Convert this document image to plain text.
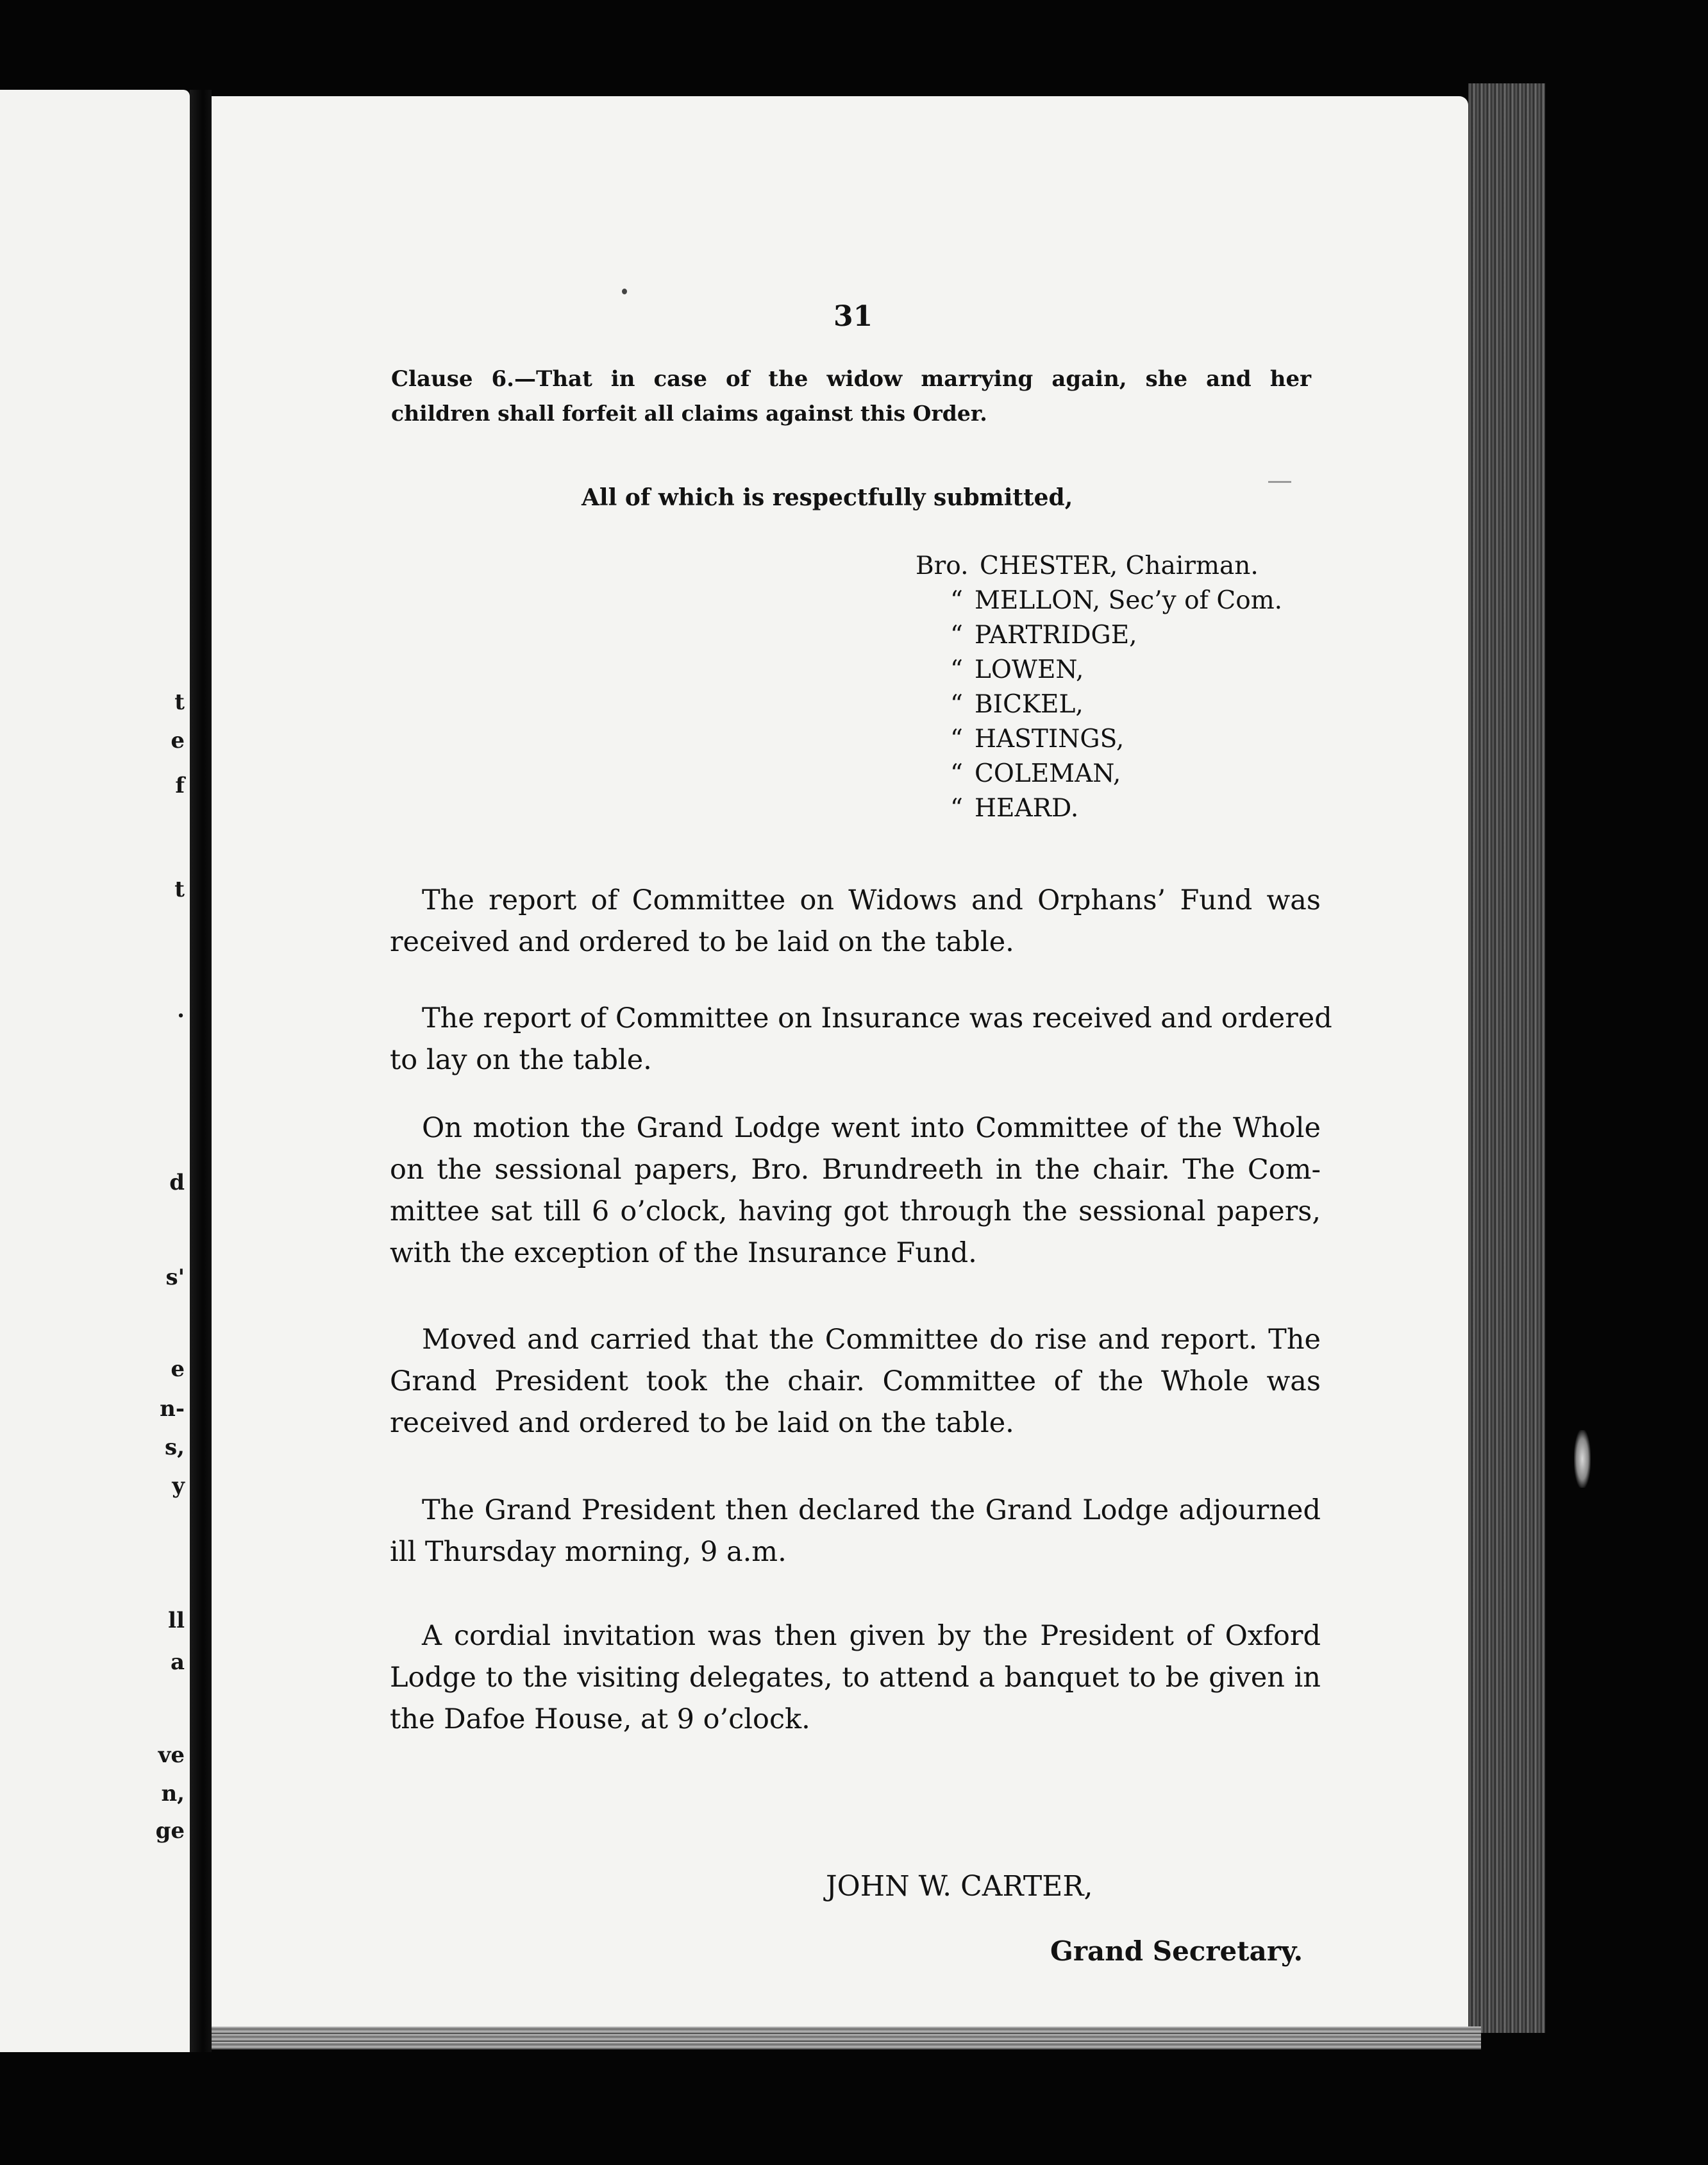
t
e
f
t
.
d
s'
e
n-
s,
y
ll
a
ve
n,
ge
31
Clause 6.—That in case of the widow marrying again, she and her
children shall forfeit all claims against this Order.
All of which is respectfully submitted,
Bro. CHESTER, Chairman.
“ MELLON, Sec’y of Com.
“ PARTRIDGE,
“ LOWEN,
“ BICKEL,
“ HASTINGS,
“ COLEMAN,
“ HEARD.
The report of Committee on Widows and Orphans’ Fund was
received and ordered to be laid on the table.
The report of Committee on Insurance was received and ordered
to lay on the table.
On motion the Grand Lodge went into Committee of the Whole
on the sessional papers, Bro. Brundreeth in the chair. The Com-
mittee sat till 6 o’clock, having got through the sessional papers,
with the exception of the Insurance Fund.
Moved and carried that the Committee do rise and report. The
Grand President took the chair. Committee of the Whole was
received and ordered to be laid on the table.
The Grand President then declared the Grand Lodge adjourned
ill Thursday morning, 9 a.m.
A cordial invitation was then given by the President of Oxford
Lodge to the visiting delegates, to attend a banquet to be given in
the Dafoe House, at 9 o’clock.
JOHN W. CARTER,
Grand Secretary.
